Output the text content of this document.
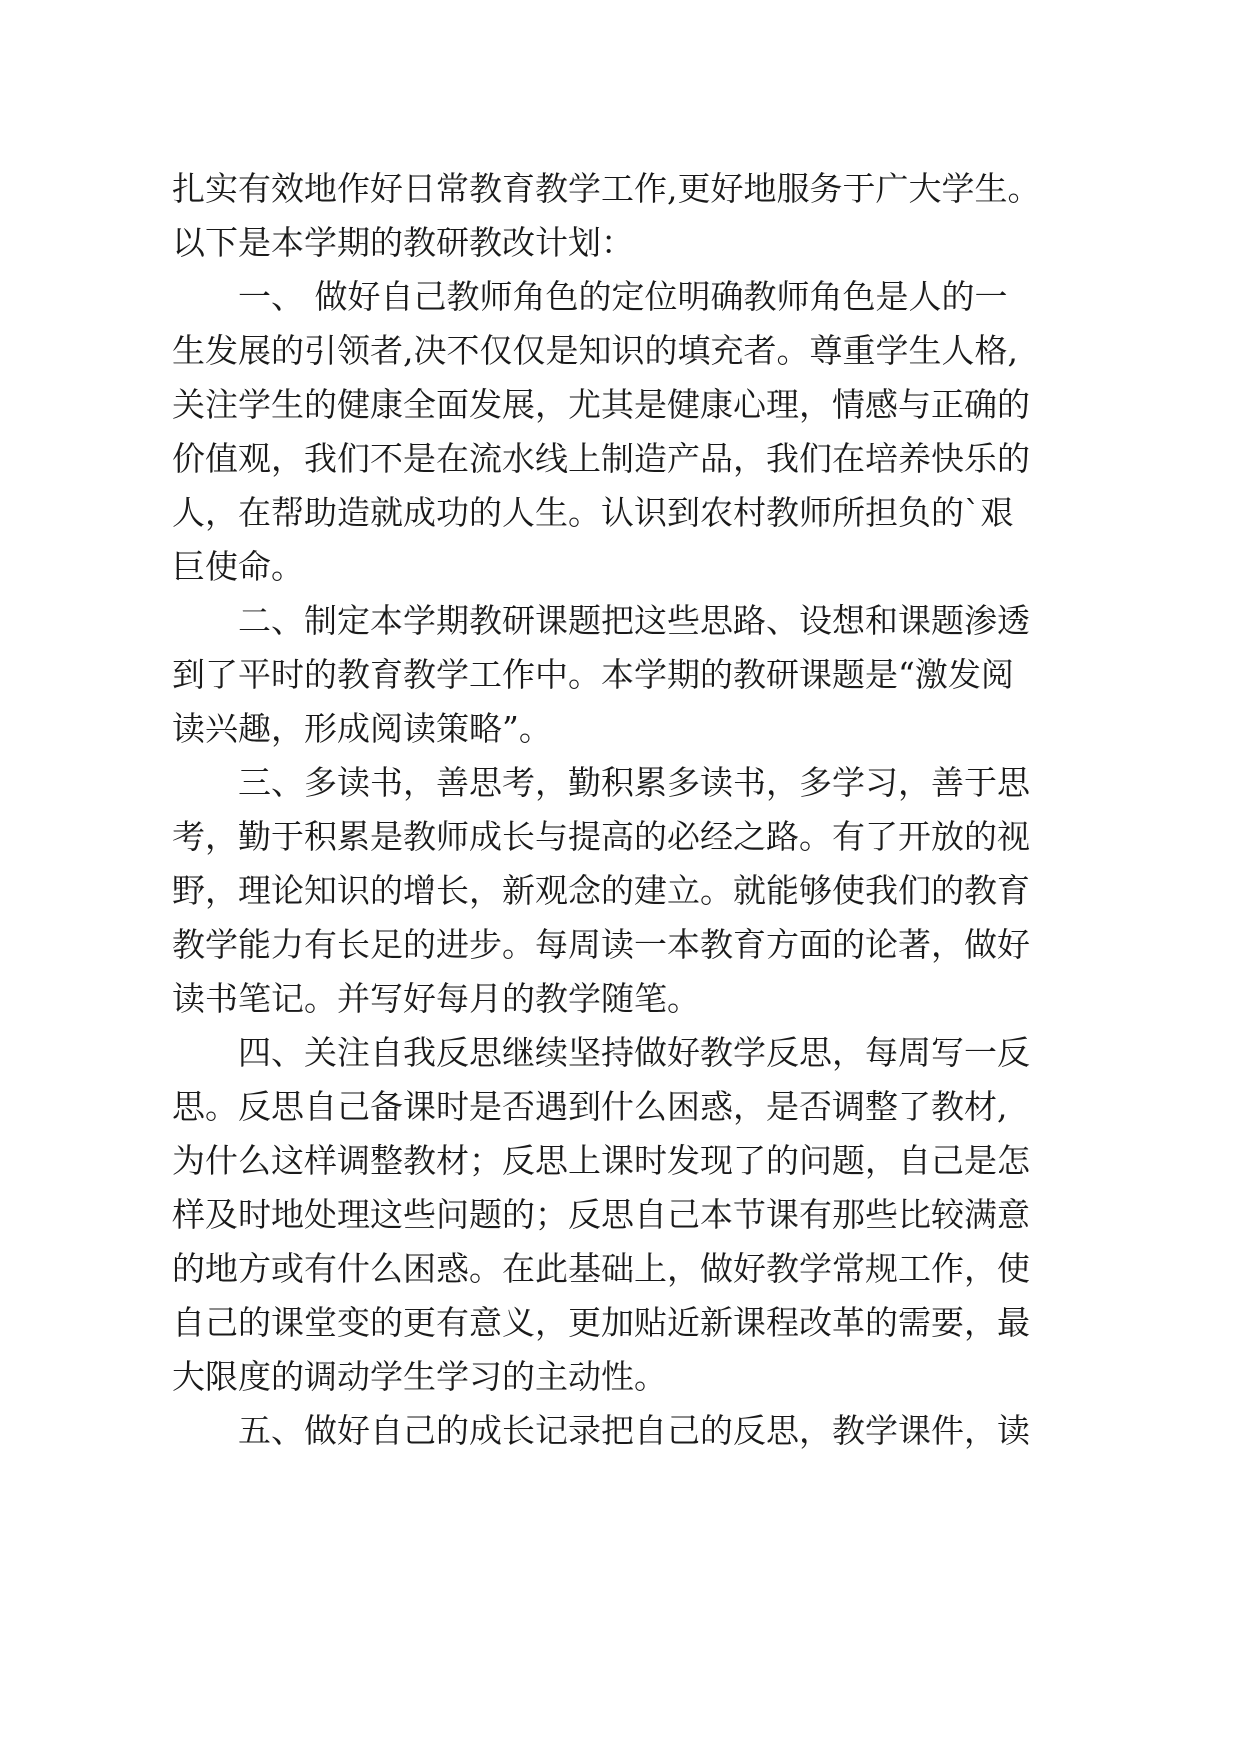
扎实有效地作好日常教育教学工作,更好地服务于广大学生。
以下是本学期的教研教改计划：
一、 做好自己教师角色的定位明确教师角色是人的一
生发展的引领者,决不仅仅是知识的填充者。尊重学生人格,
关注学生的健康全面发展，尤其是健康心理，情感与正确的
价值观，我们不是在流水线上制造产品，我们在培养快乐的
人，在帮助造就成功的人生。认识到农村教师所担负的`艰
巨使命。
二、制定本学期教研课题把这些思路、设想和课题渗透
到了平时的教育教学工作中。本学期的教研课题是“激发阅
读兴趣，形成阅读策略”。
三、多读书，善思考，勤积累多读书，多学习，善于思
考，勤于积累是教师成长与提高的必经之路。有了开放的视
野，理论知识的增长，新观念的建立。就能够使我们的教育
教学能力有长足的进步。每周读一本教育方面的论著，做好
读书笔记。并写好每月的教学随笔。
四、关注自我反思继续坚持做好教学反思，每周写一反
思。反思自己备课时是否遇到什么困惑，是否调整了教材,
为什么这样调整教材；反思上课时发现了的问题，自己是怎
样及时地处理这些问题的；反思自己本节课有那些比较满意
的地方或有什么困惑。在此基础上，做好教学常规工作，使
自己的课堂变的更有意义，更加贴近新课程改革的需要，最
大限度的调动学生学习的主动性。
五、做好自己的成长记录把自己的反思，教学课件，读
